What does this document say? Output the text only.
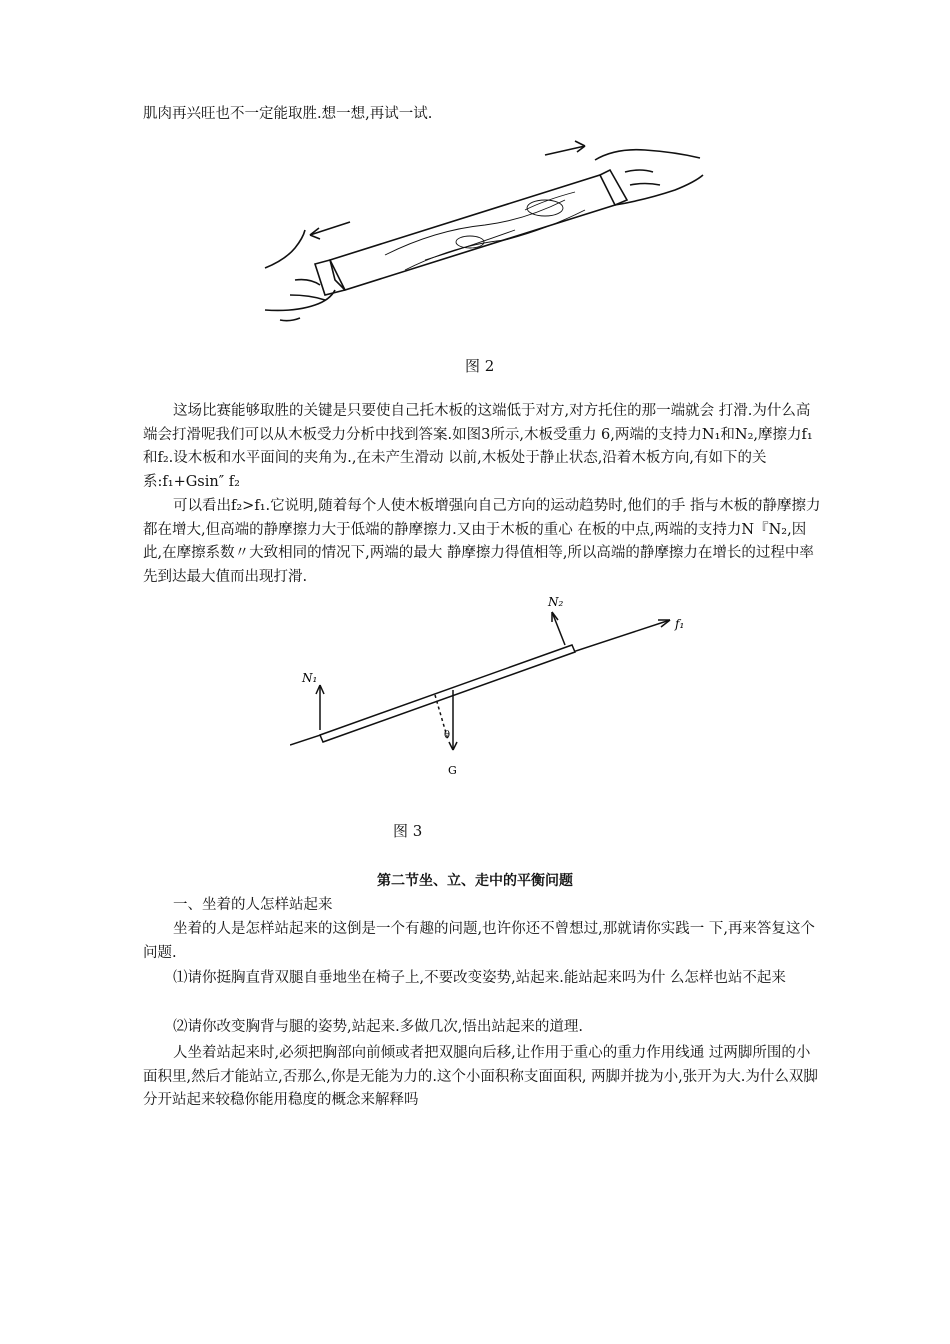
肌肉再兴旺也不一定能取胜.想一想,再试一试.

图 2

这场比赛能够取胜的关键是只要使自己托木板的这端低于对方,对方托住的那一端就会 打滑.为什么高端会打滑呢我们可以从木板受力分析中找到答案.如图3所示,木板受重力 6,两端的支持力N₁和N₂,摩擦力f₁和f₂.设木板和水平面间的夹角为.,在未产生滑动 以前,木板处于静止状态,沿着木板方向,有如下的关系:f₁+Gsin″ f₂

可以看出f₂>f₁.它说明,随着每个人使木板增强向自己方向的运动趋势时,他们的手 指与木板的静摩擦力都在增大,但高端的静摩擦力大于低端的静摩擦力.又由于木板的重心 在板的中点,两端的支持力N『N₂,因此,在摩擦系数〃大致相同的情况下,两端的最大 静摩擦力得值相等,所以高端的静摩擦力在增长的过程中率先到达最大值而出现打滑.

N₁
N₂
f₁
θ
G
图 3
第二节坐、立、走中的平衡问题

一、坐着的人怎样站起来

坐着的人是怎样站起来的这倒是一个有趣的问题,也许你还不曾想过,那就请你实践一 下,再来答复这个问题.

⑴请你挺胸直背双腿自垂地坐在椅子上,不要改变姿势,站起来.能站起来吗为什 么怎样也站不起来

⑵请你改变胸背与腿的姿势,站起来.多做几次,悟出站起来的道理.

人坐着站起来时,必须把胸部向前倾或者把双腿向后移,让作用于重心的重力作用线通 过两脚所围的小面积里,然后才能站立,否那么,你是无能为力的.这个小面积称支面面积, 两脚并拢为小,张开为大.为什么双脚分开站起来较稳你能用稳度的概念来解释吗
